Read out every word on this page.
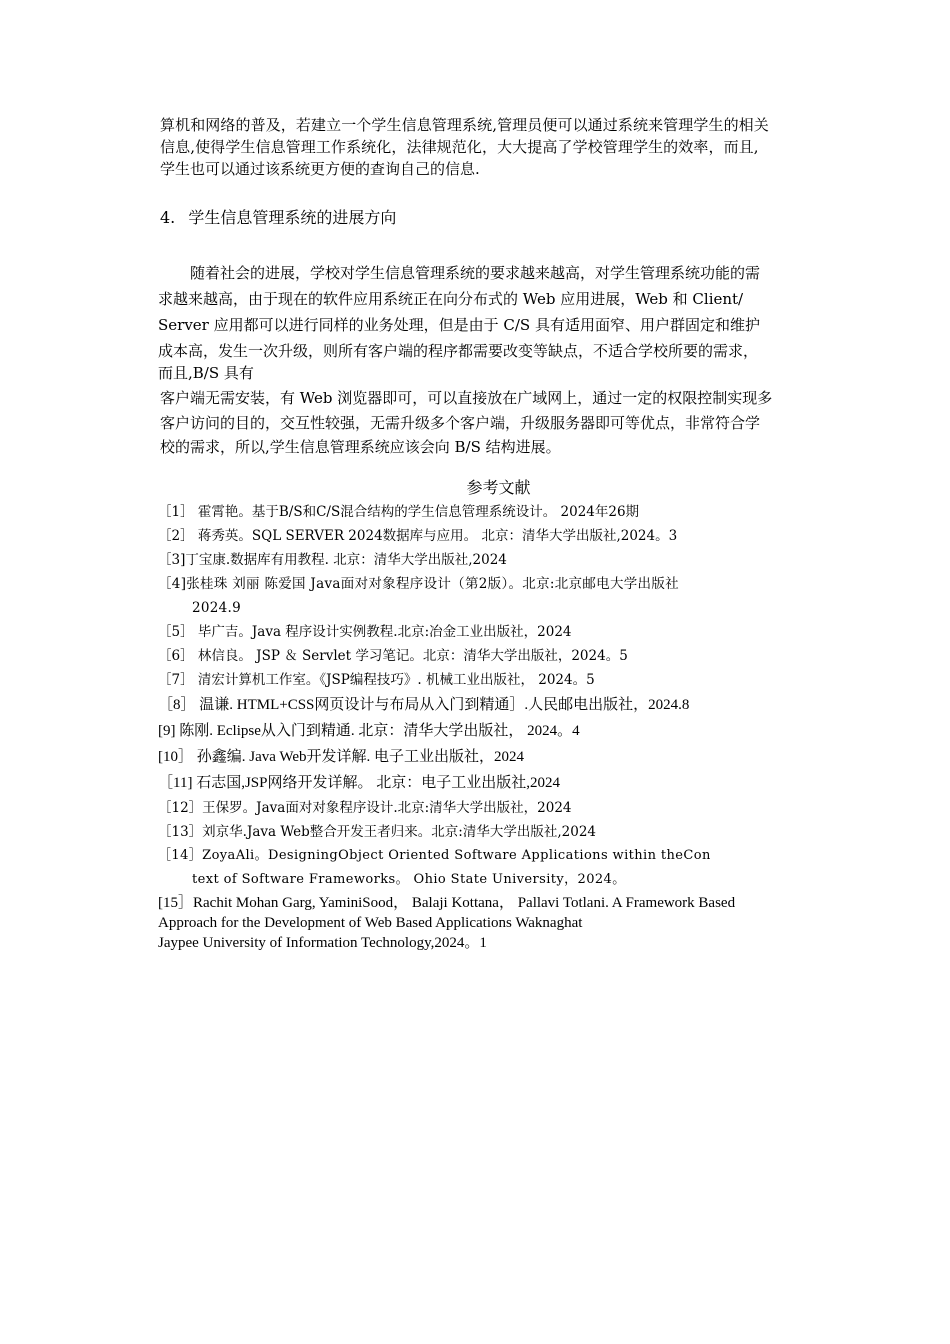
算机和网络的普及，若建立一个学生信息管理系统,管理员便可以通过系统来管理学生的相关
信息,使得学生信息管理工作系统化，法律规范化，大大提高了学校管理学生的效率，而且,
学生也可以通过该系统更方便的查询自己的信息.
4. 学生信息管理系统的进展方向
随着社会的进展，学校对学生信息管理系统的要求越来越高，对学生管理系统功能的需
求越来越高，由于现在的软件应用系统正在向分布式的 Web 应用进展，Web 和 Client/
Server 应用都可以进行同样的业务处理，但是由于 C/S 具有适用面窄、用户群固定和维护
成本高，发生一次升级，则所有客户端的程序都需要改变等缺点，不适合学校所要的需求，
而且,B/S 具有
客户端无需安装，有 Web 浏览器即可，可以直接放在广域网上，通过一定的权限控制实现多
客户访问的目的，交互性较强，无需升级多个客户端，升级服务器即可等优点，非常符合学
校的需求，所以,学生信息管理系统应该会向 B/S 结构进展。
参考文献
［1］ 霍霄艳。基于B/S和C/S混合结构的学生信息管理系统设计。 2024年26期
［2］ 蒋秀英。SQL SERVER 2024数据库与应用。 北京：清华大学出版社,2024。3
［3]丁宝康.数据库有用教程. 北京：清华大学出版社,2024
［4]张桂珠 刘丽 陈爱国 Java面对对象程序设计（第2版）。北京:北京邮电大学出版社
2024.9
［5］ 毕广吉。Java 程序设计实例教程.北京:冶金工业出版社，2024
［6］ 林信良。 JSP ＆ Servlet 学习笔记。北京：清华大学出版社，2024。5
［7］ 清宏计算机工作室。《JSP编程技巧》. 机械工业出版社， 2024。5
［8］ 温谦. HTML+CSS网页设计与布局从入门到精通］.人民邮电出版社，2024.8
[9] 陈刚. Eclipse从入门到精通. 北京：清华大学出版社， 2024。4
[10］ 孙鑫编. Java Web开发详解. 电子工业出版社，2024
［11] 石志国,JSP网络开发详解。 北京：电子工业出版社,2024
［12］王保罗。Java面对对象程序设计.北京:清华大学出版社，2024
［13］刘京华.Java Web整合开发王者归来。北京:清华大学出版社,2024
［14］ZoyaAli。DesigningObject Oriented Software Applications within theCon
text of Software Frameworks。 Ohio State University，2024。
[15］Rachit Mohan Garg, YaminiSood， Balaji Kottana， Pallavi Totlani. A Framework Based
Approach for the Development of Web Based Applications Waknaghat
Jaypee University of Information Technology,2024。1
